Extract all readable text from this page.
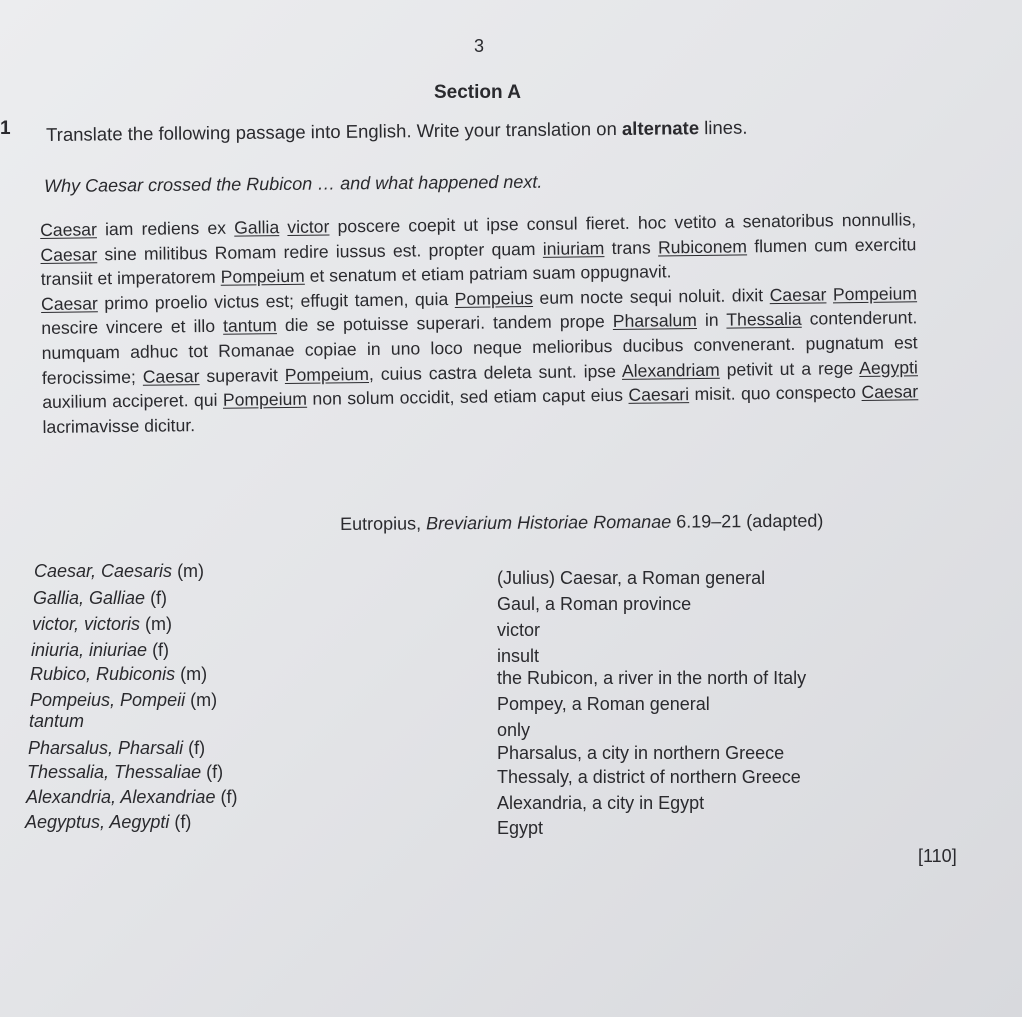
3
Section A
1 Translate the following passage into English. Write your translation on alternate lines.
Why Caesar crossed the Rubicon … and what happened next.

Caesar iam rediens ex Gallia victor poscere coepit ut ipse consul fieret. hoc vetito a senatoribus nonnullis, Caesar sine militibus Romam redire iussus est. propter quam iniuriam trans Rubiconem flumen cum exercitu transiit et imperatorem Pompeium et senatum et etiam patriam suam oppugnavit.

Caesar primo proelio victus est; effugit tamen, quia Pompeius eum nocte sequi noluit. dixit Caesar Pompeium nescire vincere et illo tantum die se potuisse superari. tandem prope Pharsalum in Thessalia contenderunt. numquam adhuc tot Romanae copiae in uno loco neque melioribus ducibus convenerant. pugnatum est ferocissime; Caesar superavit Pompeium, cuius castra deleta sunt. ipse Alexandriam petivit ut a rege Aegypti auxilium acciperet. qui Pompeium non solum occidit, sed etiam caput eius Caesari misit. quo conspecto Caesar lacrimavisse dicitur.

Eutropius, Breviarium Historiae Romanae 6.19–21 (adapted)
Caesar, Caesaris (m)	(Julius) Caesar, a Roman general
Gallia, Galliae (f)	Gaul, a Roman province
victor, victoris (m)	victor
iniuria, iniuriae (f)	insult
Rubico, Rubiconis (m)	the Rubicon, a river in the north of Italy
Pompeius, Pompeii (m)	Pompey, a Roman general
tantum	only
Pharsalus, Pharsali (f)	Pharsalus, a city in northern Greece
Thessalia, Thessaliae (f)	Thessaly, a district of northern Greece
Alexandria, Alexandriae (f)	Alexandria, a city in Egypt
Aegyptus, Aegypti (f)	Egypt
[110]
